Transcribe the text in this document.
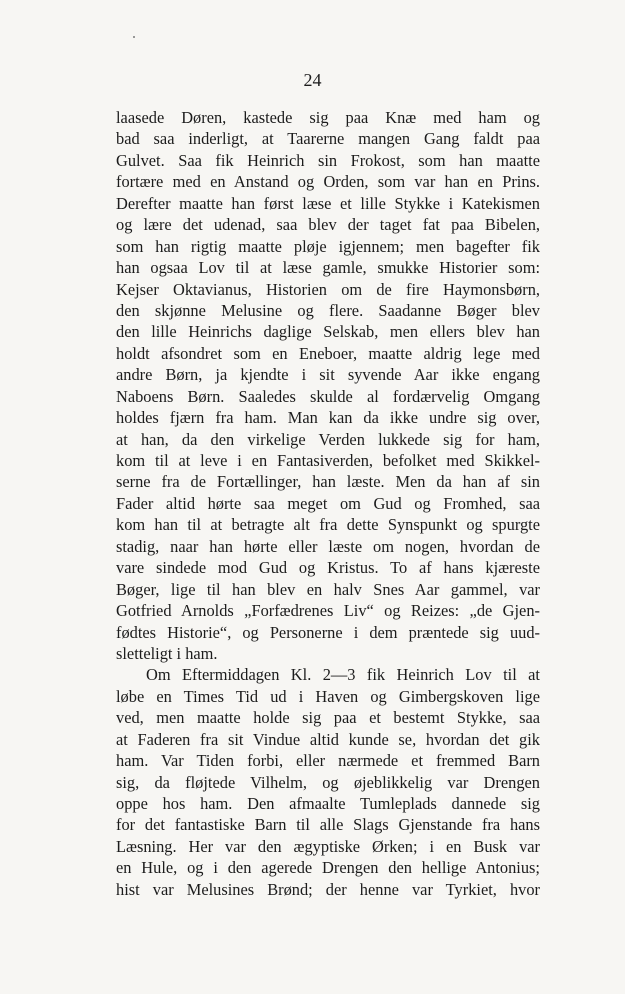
24
laasede Døren, kastede sig paa Knæ med ham og
bad saa inderligt, at Taarerne mangen Gang faldt paa
Gulvet. Saa fik Heinrich sin Frokost, som han maatte
fortære med en Anstand og Orden, som var han en Prins.
Derefter maatte han først læse et lille Stykke i Katekismen
og lære det udenad, saa blev der taget fat paa Bibelen,
som han rigtig maatte pløje igjennem; men bagefter fik
han ogsaa Lov til at læse gamle, smukke Historier som:
Kejser Oktavianus, Historien om de fire Haymonsbørn,
den skjønne Melusine og flere. Saadanne Bøger blev
den lille Heinrichs daglige Selskab, men ellers blev han
holdt afsondret som en Eneboer, maatte aldrig lege med
andre Børn, ja kjendte i sit syvende Aar ikke engang
Naboens Børn. Saaledes skulde al fordærvelig Omgang
holdes fjærn fra ham. Man kan da ikke undre sig over,
at han, da den virkelige Verden lukkede sig for ham,
kom til at leve i en Fantasiverden, befolket med Skikkel-
serne fra de Fortællinger, han læste. Men da han af sin
Fader altid hørte saa meget om Gud og Fromhed, saa
kom han til at betragte alt fra dette Synspunkt og spurgte
stadig, naar han hørte eller læste om nogen, hvordan de
vare sindede mod Gud og Kristus. To af hans kjæreste
Bøger, lige til han blev en halv Snes Aar gammel, var
Gotfried Arnolds „Forfædrenes Liv“ og Reizes: „de Gjen-
fødtes Historie“, og Personerne i dem præntede sig uud-
sletteligt i ham.
Om Eftermiddagen Kl. 2—3 fik Heinrich Lov til at
løbe en Times Tid ud i Haven og Gimbergskoven lige
ved, men maatte holde sig paa et bestemt Stykke, saa
at Faderen fra sit Vindue altid kunde se, hvordan det gik
ham. Var Tiden forbi, eller nærmede et fremmed Barn
sig, da fløjtede Vilhelm, og øjeblikkelig var Drengen
oppe hos ham. Den afmaalte Tumleplads dannede sig
for det fantastiske Barn til alle Slags Gjenstande fra hans
Læsning. Her var den ægyptiske Ørken; i en Busk var
en Hule, og i den agerede Drengen den hellige Antonius;
hist var Melusines Brønd; der henne var Tyrkiet, hvor
